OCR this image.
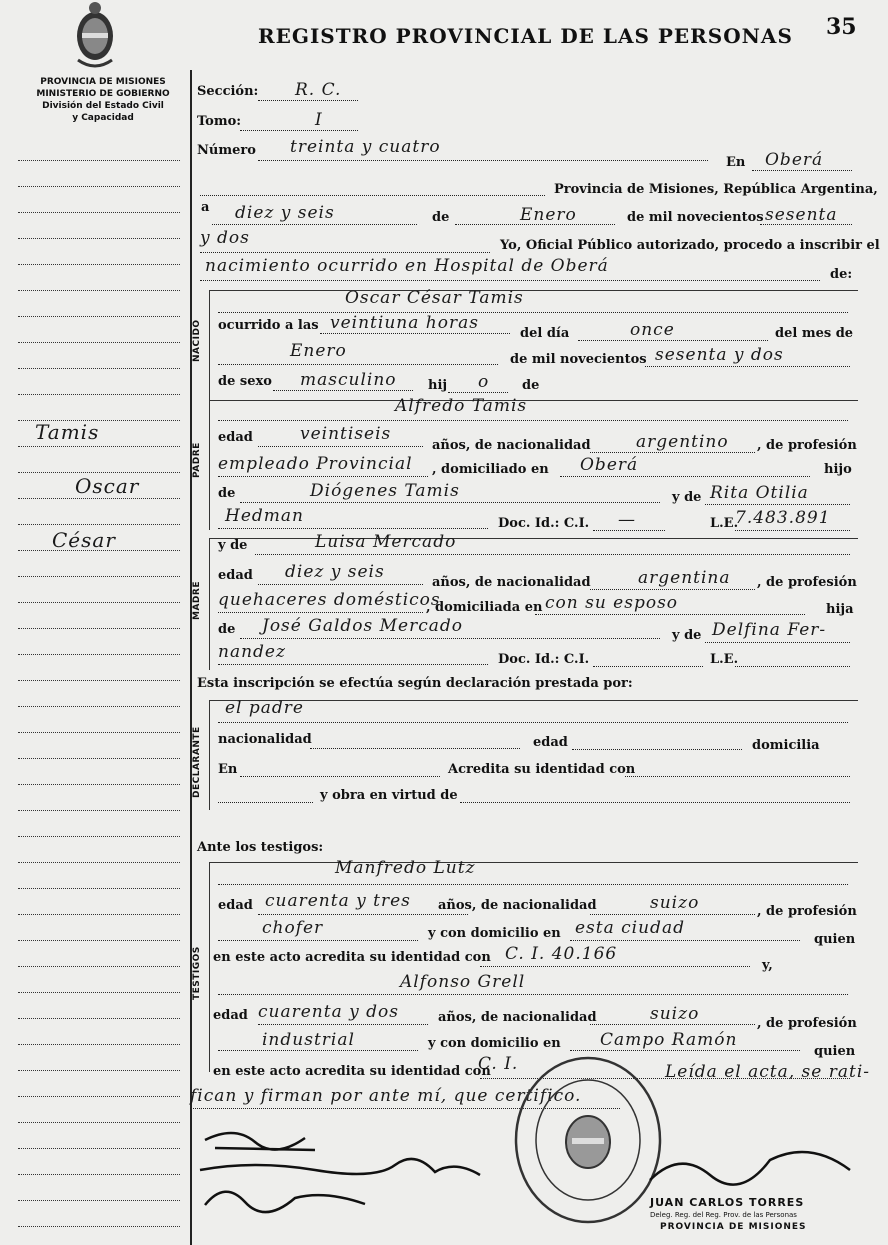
PROVINCIA DE MISIONES
MINISTERIO DE GOBIERNO
División del Estado Civil
y Capacidad
Tamis
Oscar
César
REGISTRO PROVINCIAL DE LAS PERSONAS 35
Sección: R. C.
Tomo:	I
Número treinta y cuatro
En Oberá
Provincia de Misiones, República Argentina,
a diez y seis	de	Enero	de mil novecientos sesenta
y dos	Yo, Oficial Público autorizado, procedo a inscribir el
nacimiento ocurrido en Hospital de Oberá	de:
NACIDO
Oscar César Tamis
ocurrido a las veintiuna horas
del día	once	del mes de
Enero	de mil novecientos sesenta y dos
de sexo masculino hij o	de
PADRE
Alfredo Tamis
edad	veintiseis
años, de nacionalidad	argentino , de profesión
empleado Provincial , domiciliado en Oberá	hijo
de	Diógenes Tamis	y de Rita Otilia
Hedman	Doc. Id.: C.I. —	L.E.
7.483.891
MADRE
y de	Luisa Mercado
edad diez y seis
años, de nacionalidad	argentina , de profesión
quehaceres domésticos
, domiciliada en con su esposo	hija
de José Galdos Mercado	y de Delfina Fer-
nandez	Doc. Id.: C.I.	L.E.
Esta inscripción se efectúa según declaración prestada por:
DECLARANTE
el padre
nacionalidad	edad	domicilia
En	Acredita su identidad con
y obra en virtud de
Ante los testigos:
TESTIGOS
Manfredo Lutz
edad cuarenta y tres años, de nacionalidad	suizo	, de profesión
chofer	y con domicilio en esta ciudad
quien
en este acto acredita su identidad con C. I. 40.166
y,
Alfonso Grell
edad cuarenta y dos	años, de nacionalidad	suizo	, de profesión
industrial	y con domicilio en Campo Ramón
quien
en este acto acredita su identidad con
C. I.	Leída el acta, se rati-
fican y firman por ante mí, que certifico.
JUAN CARLOS TORRES
Deleg. Reg. del Reg. Prov. de las Personas
PROVINCIA DE MISIONES
